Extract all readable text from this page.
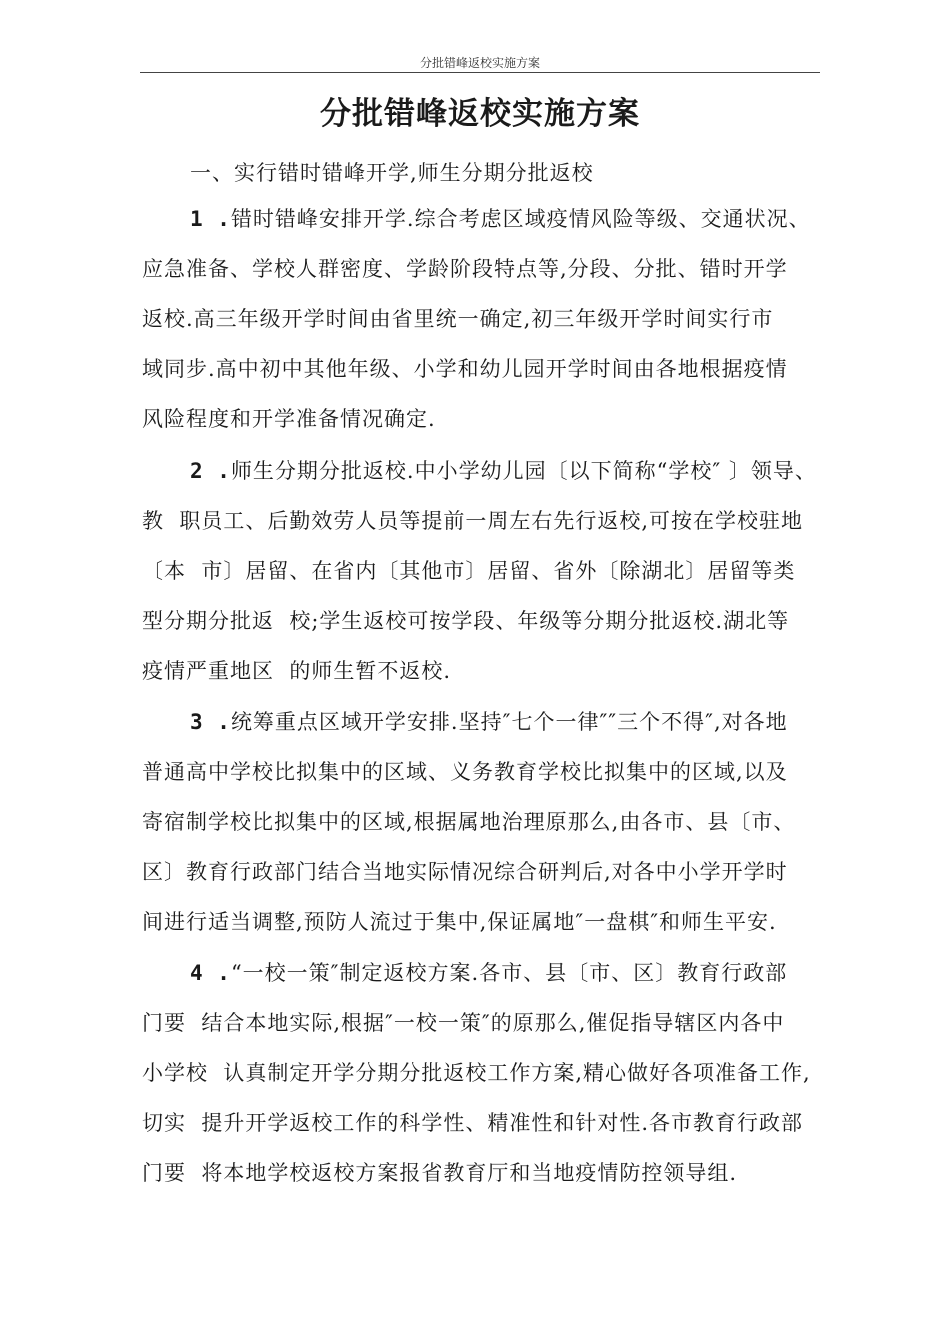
分批错峰返校实施方案
分批错峰返校实施方案

一、实行错时错峰开学,师生分期分批返校

1 .错时错峰安排开学.综合考虑区域疫情风险等级、交通状况、

应急准备、学校人群密度、学龄阶段特点等,分段、分批、错时开学

返校.高三年级开学时间由省里统一确定,初三年级开学时间实行市

域同步.高中初中其他年级、小学和幼儿园开学时间由各地根据疫情

风险程度和开学准备情况确定.

2 .师生分期分批返校.中小学幼儿园〔以下简称“学校″ 〕领导、

教  职员工、后勤效劳人员等提前一周左右先行返校,可按在学校驻地

〔本  市〕居留、在省内〔其他市〕居留、省外〔除湖北〕居留等类

型分期分批返  校;学生返校可按学段、年级等分期分批返校.湖北等

疫情严重地区  的师生暂不返校.

3 .统筹重点区域开学安排.坚持″七个一律″″三个不得″,对各地

普通高中学校比拟集中的区域、义务教育学校比拟集中的区域,以及

寄宿制学校比拟集中的区域,根据属地治理原那么,由各市、县〔市、

区〕教育行政部门结合当地实际情况综合研判后,对各中小学开学时

间进行适当调整,预防人流过于集中,保证属地″一盘棋″和师生平安.

4 .“一校一策″制定返校方案.各市、县〔市、区〕教育行政部

门要  结合本地实际,根据″一校一策″的原那么,催促指导辖区内各中

小学校  认真制定开学分期分批返校工作方案,精心做好各项准备工作,

切实  提升开学返校工作的科学性、精准性和针对性.各市教育行政部

门要  将本地学校返校方案报省教育厅和当地疫情防控领导组.
